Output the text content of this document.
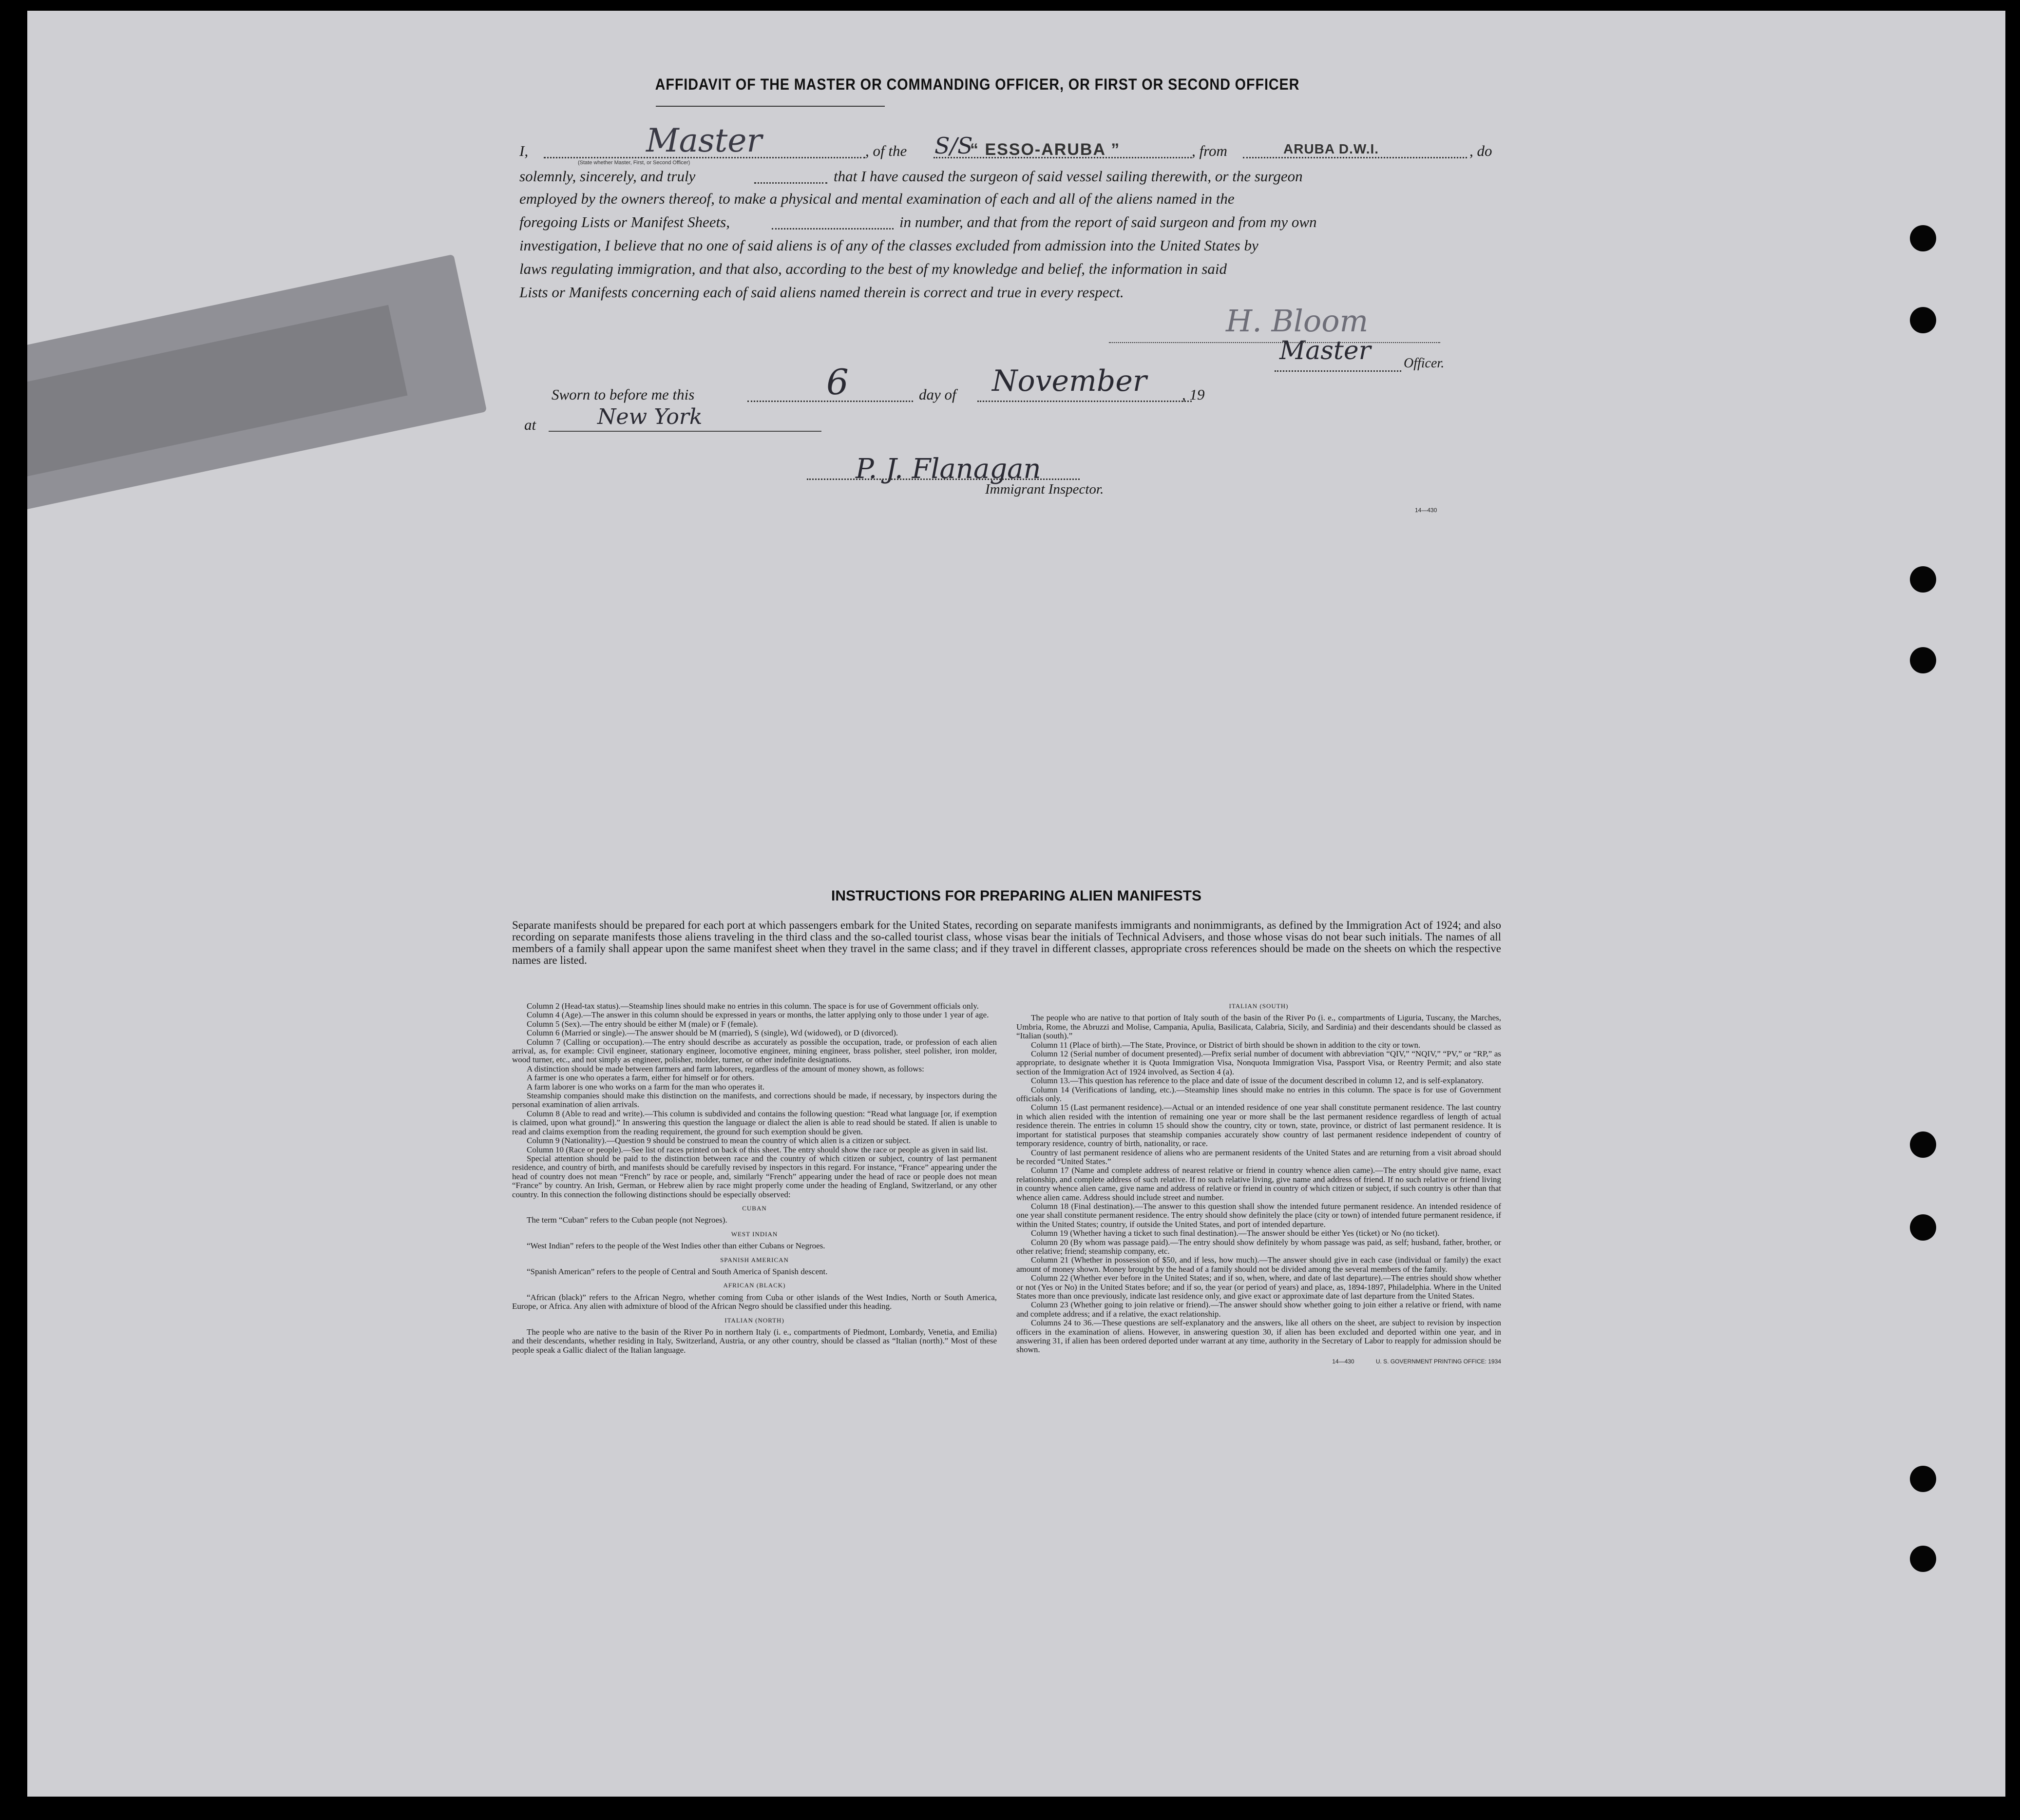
AFFIDAVIT OF THE MASTER OR COMMANDING OFFICER, OR FIRST OR SECOND OFFICER
I,	Master
(State whether Master, First, or Second Officer)
, of the S/S
“ ESSO-ARUBA ”	, from	ARUBA D.W.I.	, do
solemnly, sincerely, and truly	that I have caused the surgeon of said vessel sailing therewith, or the surgeon
employed by the owners thereof, to make a physical and mental examination of each and all of the aliens named in the
foregoing Lists or Manifest Sheets,	in number, and that from the report of said surgeon and from my own
investigation, I believe that no one of said aliens is of any of the classes excluded from admission into the United States by
laws regulating immigration, and that also, according to the best of my knowledge and belief, the information in said
Lists or Manifests concerning each of said aliens named therein is correct and true in every respect.
H. Bloom
Master Officer.
Sworn to before me this	6	day of November , 19
at	New York
P. J. Flanagan
Immigrant Inspector.
14—430
INSTRUCTIONS FOR PREPARING ALIEN MANIFESTS
Separate manifests should be prepared for each port at which passengers embark for the United States, recording on separate manifests immigrants and nonimmigrants, as defined by the Immigration Act of 1924; and also recording on separate manifests those aliens traveling in the third class and the so-called tourist class, whose visas bear the initials of Technical Advisers, and those whose visas do not bear such initials. The names of all members of a family shall appear upon the same manifest sheet when they travel in the same class; and if they travel in different classes, appropriate cross references should be made on the sheets on which the respective names are listed.

Column 2 (Head-tax status).—Steamship lines should make no entries in this column. The space is for use of Government officials only.

Column 4 (Age).—The answer in this column should be expressed in years or months, the latter applying only to those under 1 year of age.

Column 5 (Sex).—The entry should be either M (male) or F (female).

Column 6 (Married or single).—The answer should be M (married), S (single), Wd (widowed), or D (divorced).

Column 7 (Calling or occupation).—The entry should describe as accurately as possible the occupation, trade, or profession of each alien arrival, as, for example: Civil engineer, stationary engineer, locomotive engineer, mining engineer, brass polisher, steel polisher, iron molder, wood turner, etc., and not simply as engineer, polisher, molder, turner, or other indefinite designations.

A distinction should be made between farmers and farm laborers, regardless of the amount of money shown, as follows:

A farmer is one who operates a farm, either for himself or for others.

A farm laborer is one who works on a farm for the man who operates it.

Steamship companies should make this distinction on the manifests, and corrections should be made, if necessary, by inspectors during the personal examination of alien arrivals.

Column 8 (Able to read and write).—This column is subdivided and contains the following question: “Read what language [or, if exemption is claimed, upon what ground].” In answering this question the language or dialect the alien is able to read should be stated. If alien is unable to read and claims exemption from the reading requirement, the ground for such exemption should be given.

Column 9 (Nationality).—Question 9 should be construed to mean the country of which alien is a citizen or subject.

Column 10 (Race or people).—See list of races printed on back of this sheet. The entry should show the race or people as given in said list.

Special attention should be paid to the distinction between race and the country of which citizen or subject, country of last permanent residence, and country of birth, and manifests should be carefully revised by inspectors in this regard. For instance, “France” appearing under the head of country does not mean “French” by race or people, and, similarly “French” appearing under the head of race or people does not mean “France” by country. An Irish, German, or Hebrew alien by race might properly come under the heading of England, Switzerland, or any other country. In this connection the following distinctions should be especially observed:

CUBAN

The term “Cuban” refers to the Cuban people (not Negroes).

WEST INDIAN

“West Indian” refers to the people of the West Indies other than either Cubans or Negroes.

SPANISH AMERICAN

“Spanish American” refers to the people of Central and South America of Spanish descent.

AFRICAN (BLACK)

“African (black)” refers to the African Negro, whether coming from Cuba or other islands of the West Indies, North or South America, Europe, or Africa. Any alien with admixture of blood of the African Negro should be classified under this heading.

ITALIAN (NORTH)

The people who are native to the basin of the River Po in northern Italy (i. e., compartments of Piedmont, Lombardy, Venetia, and Emilia) and their descendants, whether residing in Italy, Switzerland, Austria, or any other country, should be classed as “Italian (north).” Most of these people speak a Gallic dialect of the Italian language.

ITALIAN (SOUTH)

The people who are native to that portion of Italy south of the basin of the River Po (i. e., compartments of Liguria, Tuscany, the Marches, Umbria, Rome, the Abruzzi and Molise, Campania, Apulia, Basilicata, Calabria, Sicily, and Sardinia) and their descendants should be classed as “Italian (south).”

Column 11 (Place of birth).—The State, Province, or District of birth should be shown in addition to the city or town.

Column 12 (Serial number of document presented).—Prefix serial number of document with abbreviation “QIV,” “NQIV,” “PV,” or “RP,” as appropriate, to designate whether it is Quota Immigration Visa, Nonquota Immigration Visa, Passport Visa, or Reentry Permit; and also state section of the Immigration Act of 1924 involved, as Section 4 (a).

Column 13.—This question has reference to the place and date of issue of the document described in column 12, and is self-explanatory.

Column 14 (Verifications of landing, etc.).—Steamship lines should make no entries in this column. The space is for use of Government officials only.

Column 15 (Last permanent residence).—Actual or an intended residence of one year shall constitute permanent residence. The last country in which alien resided with the intention of remaining one year or more shall be the last permanent residence regardless of length of actual residence therein. The entries in column 15 should show the country, city or town, state, province, or district of last permanent residence. It is important for statistical purposes that steamship companies accurately show country of last permanent residence independent of country of temporary residence, country of birth, nationality, or race.

Country of last permanent residence of aliens who are permanent residents of the United States and are returning from a visit abroad should be recorded “United States.”

Column 17 (Name and complete address of nearest relative or friend in country whence alien came).—The entry should give name, exact relationship, and complete address of such relative. If no such relative living, give name and address of friend. If no such relative or friend living in country whence alien came, give name and address of relative or friend in country of which citizen or subject, if such country is other than that whence alien came. Address should include street and number.

Column 18 (Final destination).—The answer to this question shall show the intended future permanent residence. An intended residence of one year shall constitute permanent residence. The entry should show definitely the place (city or town) of intended future permanent residence, if within the United States; country, if outside the United States, and port of intended departure.

Column 19 (Whether having a ticket to such final destination).—The answer should be either Yes (ticket) or No (no ticket).

Column 20 (By whom was passage paid).—The entry should show definitely by whom passage was paid, as self; husband, father, brother, or other relative; friend; steamship company, etc.

Column 21 (Whether in possession of $50, and if less, how much).—The answer should give in each case (individual or family) the exact amount of money shown. Money brought by the head of a family should not be divided among the several members of the family.

Column 22 (Whether ever before in the United States; and if so, when, where, and date of last departure).—The entries should show whether or not (Yes or No) in the United States before; and if so, the year (or period of years) and place, as, 1894-1897, Philadelphia. Where in the United States more than once previously, indicate last residence only, and give exact or approximate date of last departure from the United States.

Column 23 (Whether going to join relative or friend).—The answer should show whether going to join either a relative or friend, with name and complete address; and if a relative, the exact relationship.

Columns 24 to 36.—These questions are self-explanatory and the answers, like all others on the sheet, are subject to revision by inspection officers in the examination of aliens. However, in answering question 30, if alien has been excluded and deported within one year, and in answering 31, if alien has been ordered deported under warrant at any time, authority in the Secretary of Labor to reapply for admission should be shown.

14—430	U. S. GOVERNMENT PRINTING OFFICE: 1934
